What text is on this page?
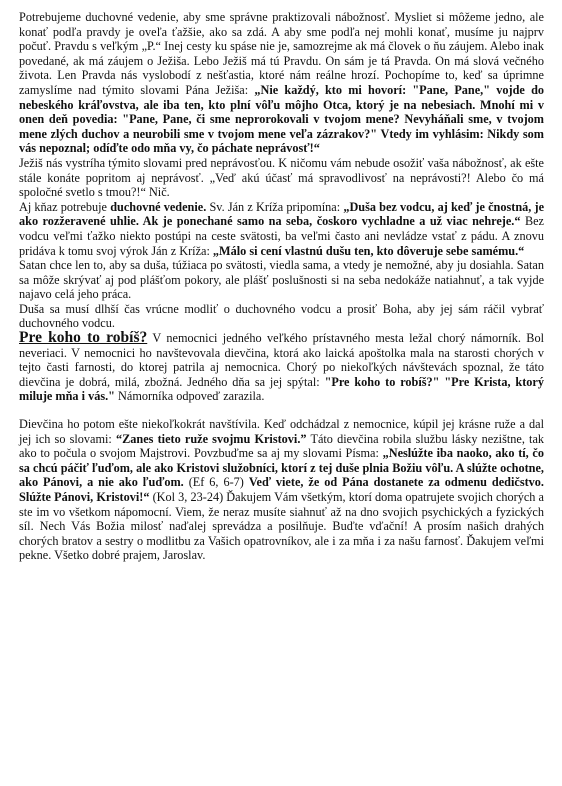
Potrebujeme duchovné vedenie, aby sme správne praktizovali nábožnosť. Mysliet si môžeme jedno, ale konať podľa pravdy je oveľa ťažšie, ako sa zdá. A aby sme podľa nej mohli konať, musíme ju najprv počuť. Pravdu s veľkým „P.“ Inej cesty ku spáse nie je, samozrejme ak má človek o ňu záujem. Alebo inak povedané, ak má záujem o Ježiša. Lebo Ježiš má tú Pravdu. On sám je tá Pravda. On má slová večného života. Len Pravda nás vyslobodí z nešťastia, ktoré nám reálne hrozí. Pochopíme to, keď sa úprimne zamyslíme nad týmito slovami Pána Ježiša: „Nie každý, kto mi hovorí: "Pane, Pane," vojde do nebeského kráľovstva, ale iba ten, kto plní vôľu môjho Otca, ktorý je na nebesiach. Mnohí mi v onen deň povedia: "Pane, Pane, či sme neprorokovali v tvojom mene? Nevyháňali sme, v tvojom mene zlých duchov a neurobili sme v tvojom mene veľa zázrakov?" Vtedy im vyhlásim: Nikdy som vás nepoznal; odíďte odo mňa vy, čo páchate neprávosť!“

Ježiš nás vystríha týmito slovami pred neprávosťou. K ničomu vám nebude osožiť vaša nábožnosť, ak ešte stále konáte popritom aj neprávosť. „Veď akú účasť má spravodlivosť na neprávosti?! Alebo čo má spoločné svetlo s tmou?!“ Nič.

Aj kňaz potrebuje duchovné vedenie. Sv. Ján z Kríža pripomína: „Duša bez vodcu, aj keď je čnostná, je ako rozžeravené uhlie. Ak je ponechané samo na seba, čoskoro vychladne a už viac nehreje.“ Bez vodcu veľmi ťažko niekto postúpi na ceste svätosti, ba veľmi často ani nevládze vstať z pádu. A znovu pridáva k tomu svoj výrok Ján z Kríža: „Málo si cení vlastnú dušu ten, kto dôveruje sebe samému.“

Satan chce len to, aby sa duša, túžiaca po svätosti, viedla sama, a vtedy je nemožné, aby ju dosiahla. Satan sa môže skrývať aj pod plášťom pokory, ale plášť poslušnosti si na seba nedokáže natiahnuť, a tak vyjde najavo celá jeho práca.

Duša sa musí dlhší čas vrúcne modliť o duchovného vodcu a prosiť Boha, aby jej sám ráčil vybrať duchovného vodcu.

Pre koho to robíš? V nemocnici jedného veľkého prístavného mesta ležal chorý námorník. Bol neveriaci. V nemocnici ho navštevovala dievčina, ktorá ako laická apoštolka mala na starosti chorých v tejto časti farnosti, do ktorej patrila aj nemocnica. Chorý po niekoľkých návštevách spoznal, že táto dievčina je dobrá, milá, zbožná. Jedného dňa sa jej spýtal: "Pre koho to robíš?" "Pre Krista, ktorý miluje mňa i vás." Námorníka odpoveď zarazila.

Dievčina ho potom ešte niekoľkokrát navštívila. Keď odchádzal z nemocnice, kúpil jej krásne ruže a dal jej ich so slovami: “Zanes tieto ruže svojmu Kristovi.” Táto dievčina robila službu lásky nezištne, tak ako to počula o svojom Majstrovi. Povzbuďme sa aj my slovami Písma: „Neslúžte iba naoko, ako tí, čo sa chcú páčiť ľuďom, ale ako Kristovi služobníci, ktorí z tej duše plnia Božiu vôľu. A slúžte ochotne, ako Pánovi, a nie ako ľuďom. (Ef 6, 6-7) Veď viete, že od Pána dostanete za odmenu dedičstvo. Slúžte Pánovi, Kristovi!“ (Kol 3, 23-24) Ďakujem Vám všetkým, ktorí doma opatrujete svojich chorých a ste im vo všetkom nápomocní. Viem, že neraz musíte siahnuť až na dno svojich psychických a fyzických síl. Nech Vás Božia milosť naďalej sprevádza a posilňuje. Buďte vďační! A prosím našich drahých chorých bratov a sestry o modlitbu za Vašich opatrovníkov, ale i za mňa i za našu farnosť. Ďakujem veľmi pekne. Všetko dobré prajem, Jaroslav.
